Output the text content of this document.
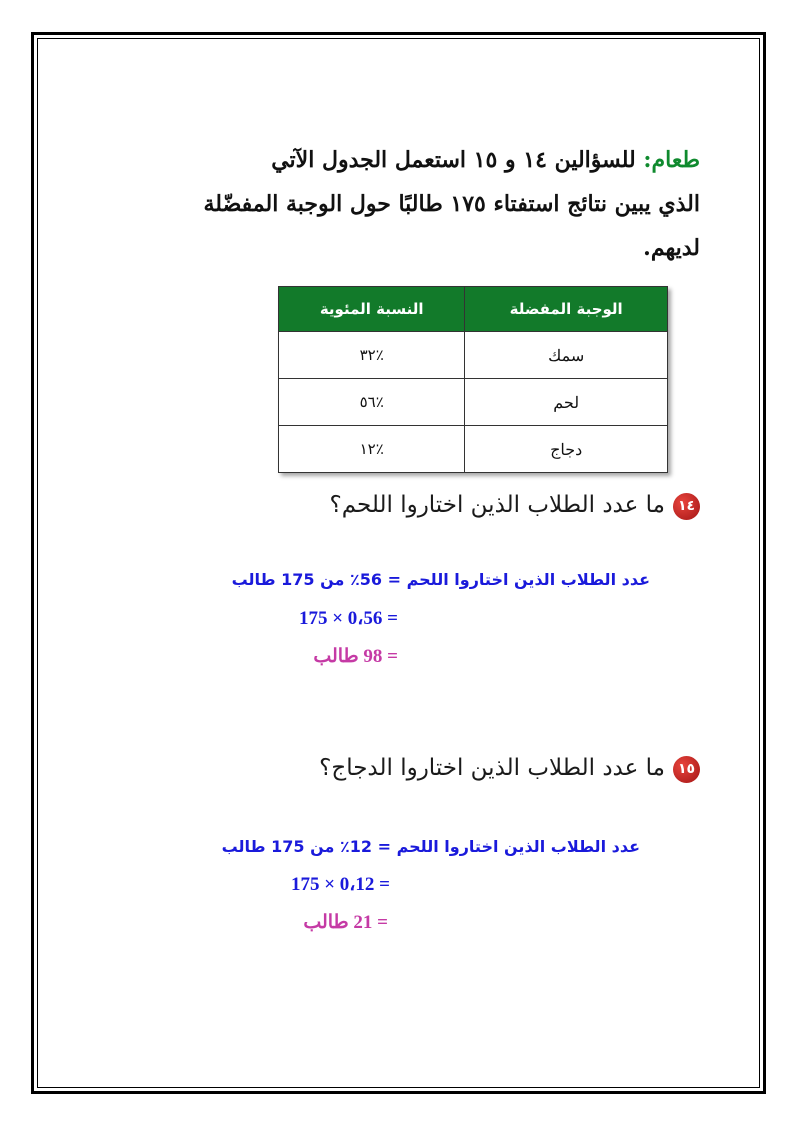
طعام: للسؤالين ١٤ و ١٥ استعمل الجدول الآتي
الذي يبين نتائج استفتاء ١٧٥ طالبًا حول الوجبة المفضّلة
لديهم.
الوجبة المفضلة	النسبة المئوية
سمك	٪٣٢
لحم	٪٥٦
دجاج	٪١٢
١٤ما عدد الطلاب الذين اختاروا اللحم؟
عدد الطلاب الذين اختاروا اللحم = 56٪ من 175 طالب
= 0،56 × 175
= 98 طالب
١٥ما عدد الطلاب الذين اختاروا الدجاج؟
عدد الطلاب الذين اختاروا اللحم = 12٪ من 175 طالب
= 0،12 × 175
= 21 طالب
